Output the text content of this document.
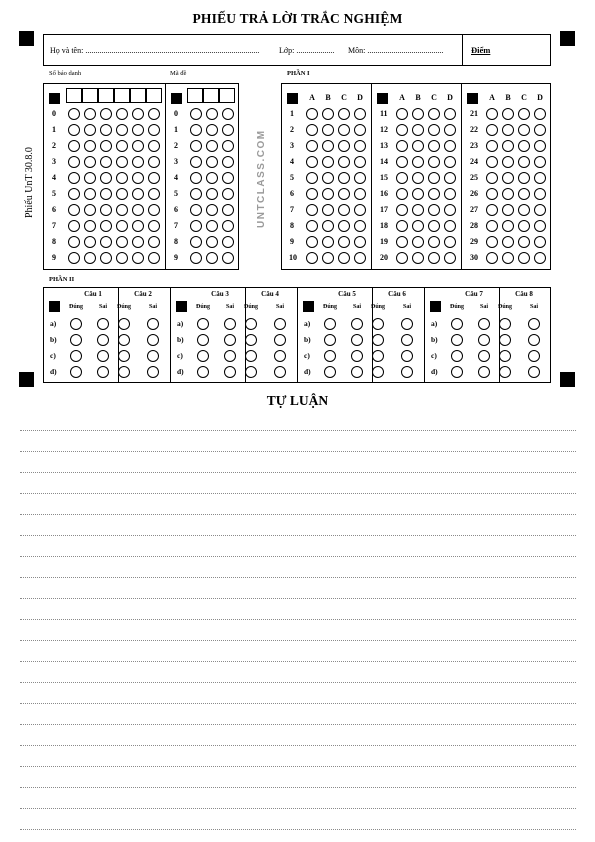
PHIẾU TRẢ LỜI TRẮC NGHIỆM
Họ và tên: ....................................................................................... Lớp: ................... Môn: ......................................	Điểm
Phiếu UnT 30.8.0	UNTCLASS.COM
Số báo danh	Mã đề	PHẦN I
PHẦN II
0
1
2
3
4
5
6
7
8
9
0
1
2
3
4
5
6
7
8
9
A	B	C	D
1
2
3
4
5
6
7
8
9
10
A	B	C	D
11
12
13
14
15
16
17
18
19
20
A	B	C	D
21
22
23
24
25
26
27
28
29
30
Câu 1
Đúng	Sai
Câu 2
Đúng	Sai
a)
b)
c)
d)
Câu 3
Đúng	Sai
Câu 4
Đúng	Sai
a)
b)
c)
d)
Câu 5
Đúng	Sai
Câu 6
Đúng	Sai
a)
b)
c)
d)
Câu 7
Đúng	Sai
Câu 8
Đúng	Sai
a)
b)
c)
d)
TỰ LUẬN
